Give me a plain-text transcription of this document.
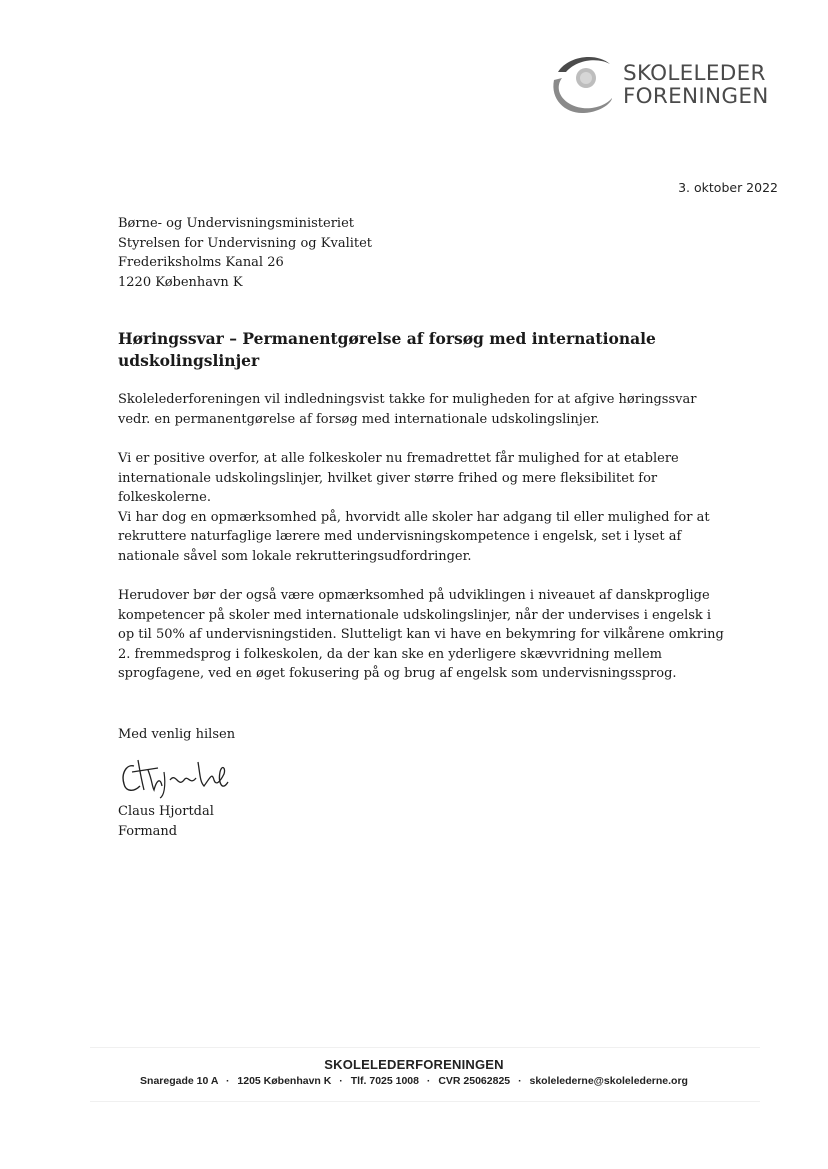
SKOLELEDER
FORENINGEN
3. oktober 2022
Børne- og Undervisningsministeriet
Styrelsen for Undervisning og Kvalitet
Frederiksholms Kanal 26
1220 København K
Høringssvar – Permanentgørelse af forsøg med internationale udskolingslinjer
Skolelederforeningen vil indledningsvist takke for muligheden for at afgive høringssvar
vedr. en permanentgørelse af forsøg med internationale udskolingslinjer.
Vi er positive overfor, at alle folkeskoler nu fremadrettet får mulighed for at etablere
internationale udskolingslinjer, hvilket giver større frihed og mere fleksibilitet for
folkeskolerne.
Vi har dog en opmærksomhed på, hvorvidt alle skoler har adgang til eller mulighed for at
rekruttere naturfaglige lærere med undervisningskompetence i engelsk, set i lyset af
nationale såvel som lokale rekrutteringsudfordringer.
Herudover bør der også være opmærksomhed på udviklingen i niveauet af danskproglige
kompetencer på skoler med internationale udskolingslinjer, når der undervises i engelsk i
op til 50% af undervisningstiden. Slutteligt kan vi have en bekymring for vilkårene omkring
2. fremmedsprog i folkeskolen, da der kan ske en yderligere skævvridning mellem
sprogfagene, ved en øget fokusering på og brug af engelsk som undervisningssprog.
Med venlig hilsen
Claus Hjortdal
Formand
SKOLELEDERFORENINGEN
Snaregade 10 A · 1205 København K · Tlf. 7025 1008 · CVR 25062825 · skolelederne@skolelederne.org
